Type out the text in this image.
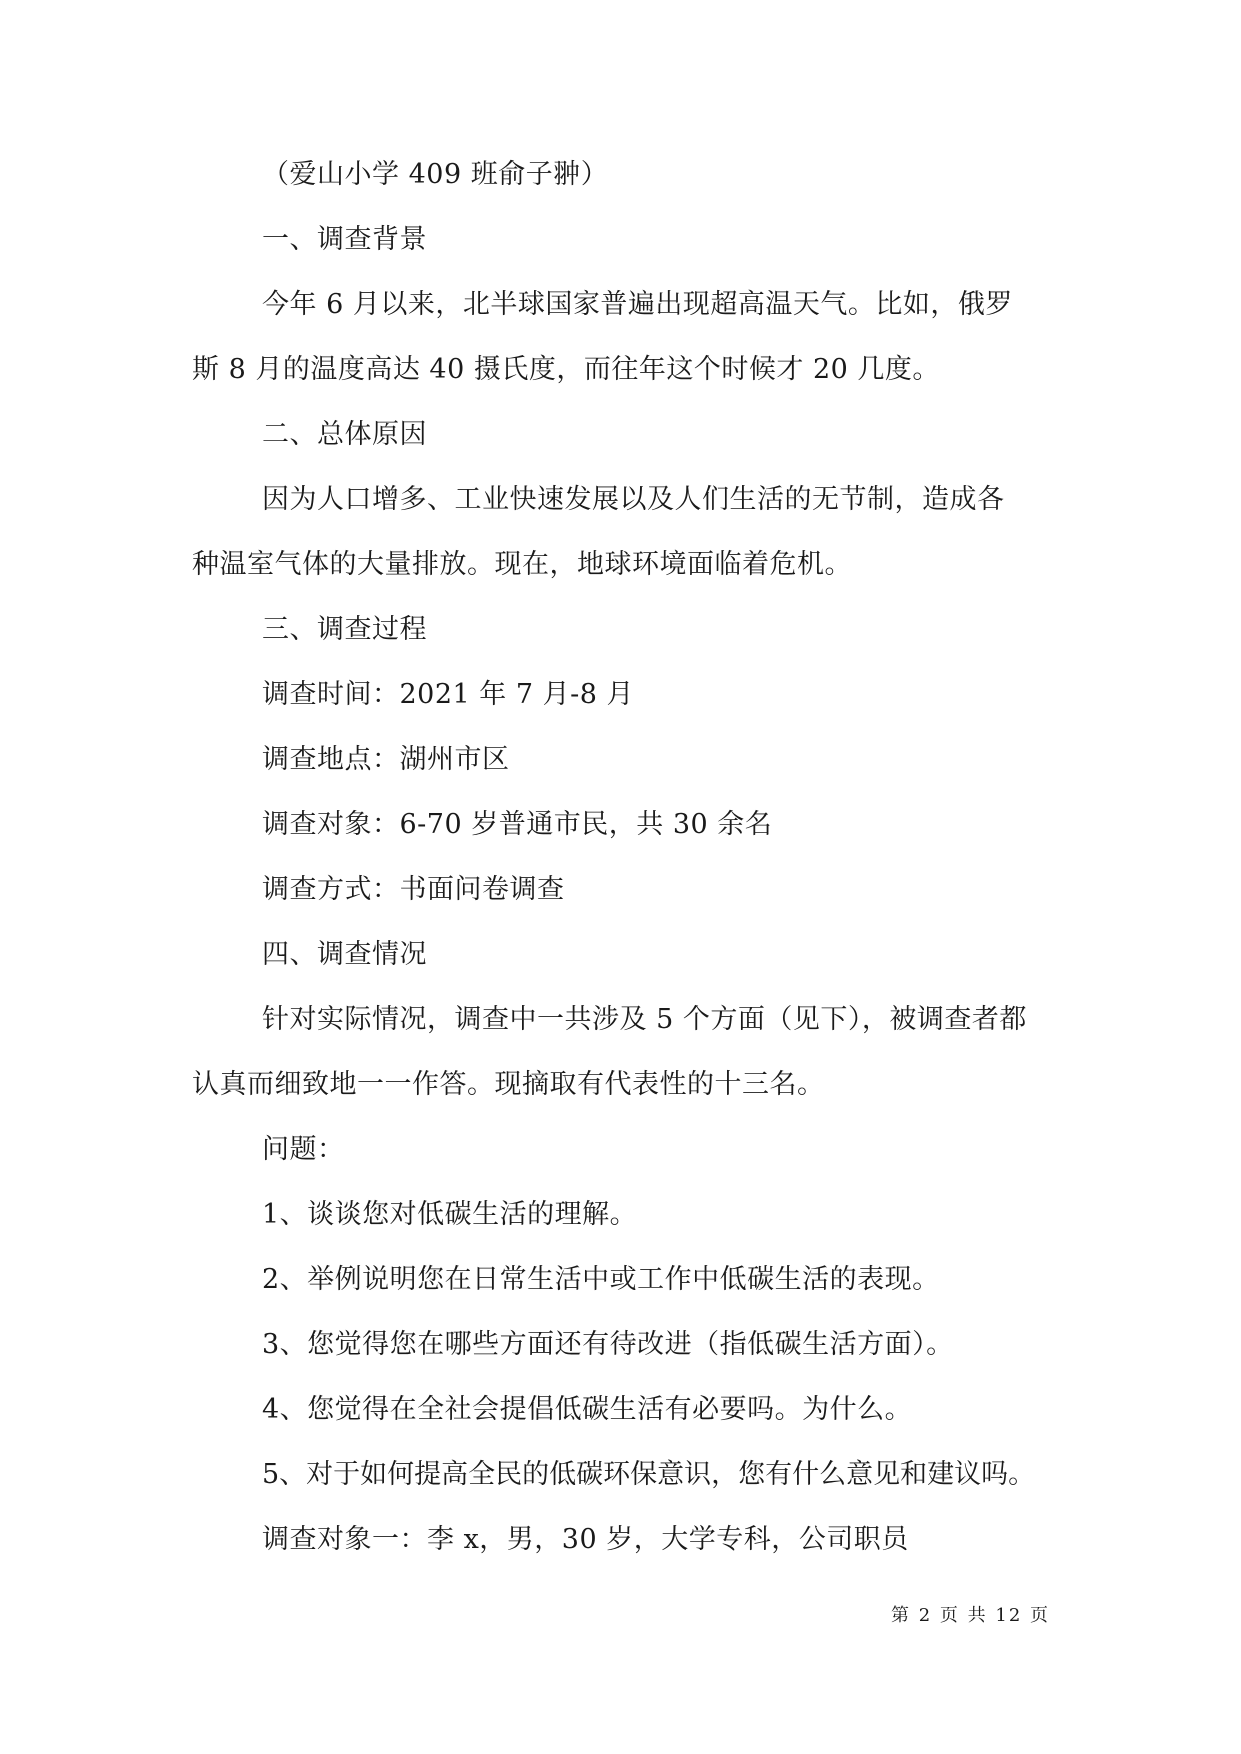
（爱山小学 409 班俞子翀）

一、调查背景

今年 6 月以来，北半球国家普遍出现超高温天气。比如，俄罗

斯 8 月的温度高达 40 摄氏度，而往年这个时候才 20 几度。

二、总体原因

因为人口增多、工业快速发展以及人们生活的无节制，造成各

种温室气体的大量排放。现在，地球环境面临着危机。

三、调查过程

调查时间：2021 年 7 月-8 月

调查地点：湖州市区

调查对象：6-70 岁普通市民，共 30 余名

调查方式：书面问卷调查

四、调查情况

针对实际情况，调查中一共涉及 5 个方面（见下），被调查者都

认真而细致地一一作答。现摘取有代表性的十三名。

问题：

1、谈谈您对低碳生活的理解。

2、举例说明您在日常生活中或工作中低碳生活的表现。

3、您觉得您在哪些方面还有待改进（指低碳生活方面）。

4、您觉得在全社会提倡低碳生活有必要吗。为什么。

5、对于如何提高全民的低碳环保意识，您有什么意见和建议吗。

调查对象一：李 x，男，30 岁，大学专科，公司职员

第 2 页 共 12 页
